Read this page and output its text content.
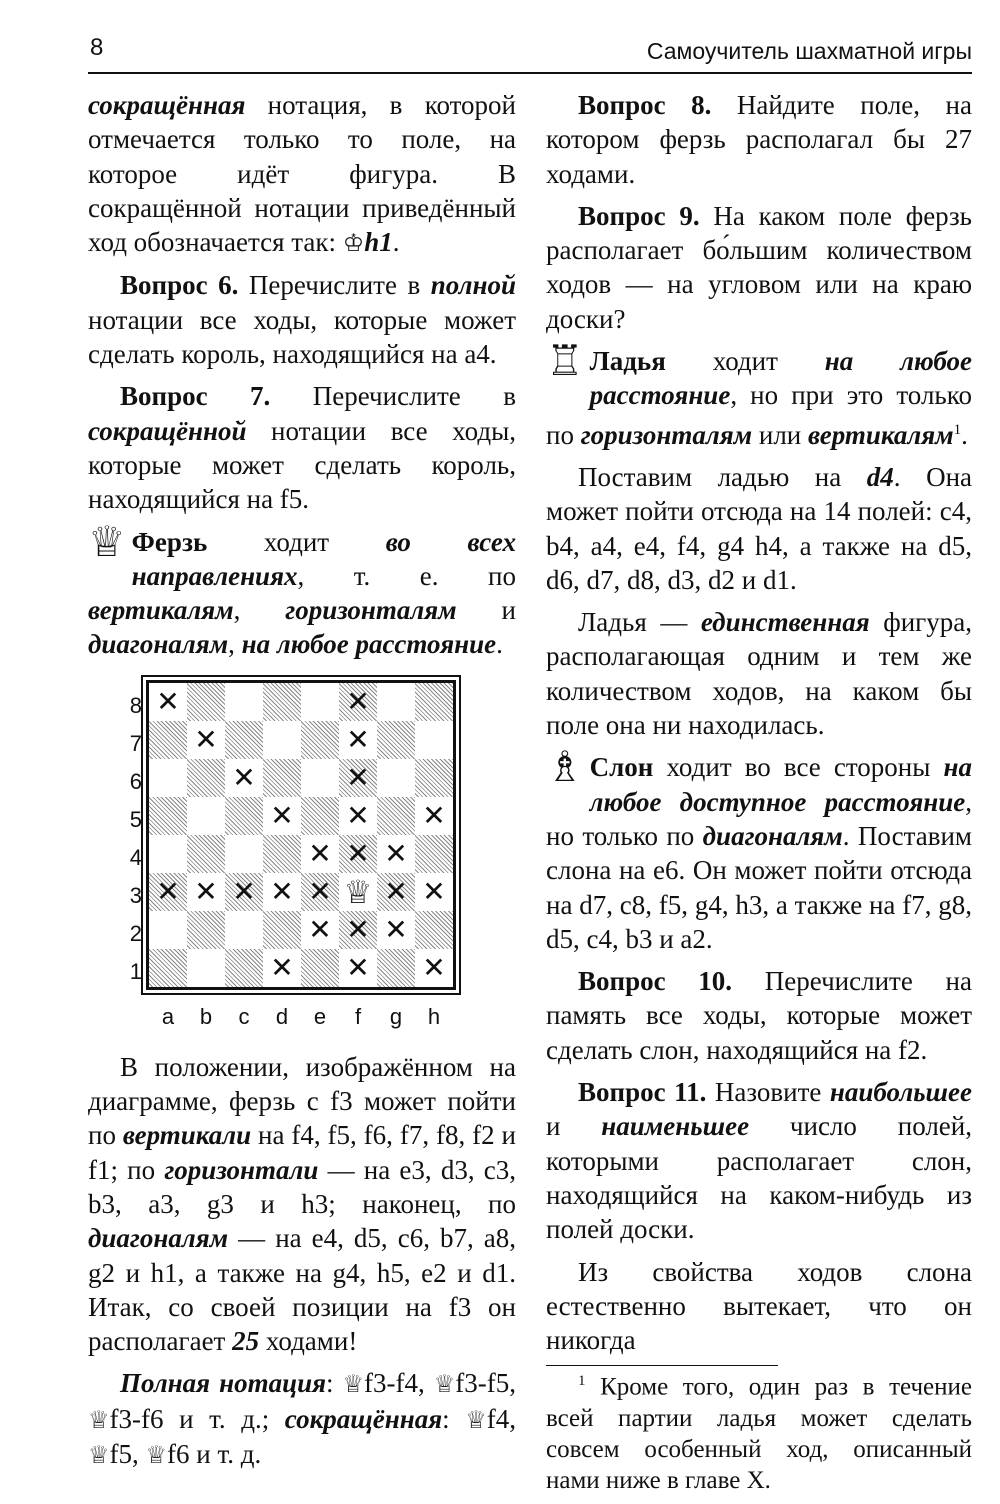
8	Самоучитель шахматной игры

сокращённая нотация, в которой отмечается только то поле, на которое идёт фигура. В сокращённой нотации приведённый ход обозначается так: ♔h1.

Вопрос 6. Перечислите в полной нотации все ходы, которые может сделать король, находящийся на a4.

Вопрос 7. Перечислите в сокращённой нотации все ходы, которые может сделать король, находящийся на f5.

♕ Ферзь ходит во всех направлениях, т. е. по вертикалям, горизонталям и диагоналям, на любое расстояние.

✕	✕
✕	✕
✕	✕
✕ ✕ ✕
✕ ✕ ✕
✕ ✕ ✕ ✕ ✕ ✕ ✕
✕ ✕ ✕
✕ ✕ ✕
♕
8
7
6
5
4
3
2
1
a	b	c	d	e	f	g	h

В положении, изображённом на диаграмме, ферзь с f3 может пойти по вертикали на f4, f5, f6, f7, f8, f2 и f1; по горизонтали — на e3, d3, c3, b3, a3, g3 и h3; наконец, по диагоналям — на e4, d5, c6, b7, a8, g2 и h1, а также на g4, h5, e2 и d1. Итак, со своей позиции на f3 он располагает 25 ходами!

Полная нотация: ♕f3-f4, ♕f3-f5, ♕f3-f6 и т. д.; сокращённая: ♕f4, ♕f5, ♕f6 и т. д.

Вопрос 8. Найдите поле, на котором ферзь располагал бы 27 ходами.

Вопрос 9. На каком поле ферзь располагает бо́льшим количеством ходов — на угловом или на краю доски?

♖ Ладья ходит на любое расстояние, но при это только по горизонталям или вертикалям$^1$.

Поставим ладью на d4. Она может пойти отсюда на 14 полей: c4, b4, a4, e4, f4, g4 h4, а также на d5, d6, d7, d8, d3, d2 и d1.

Ладья — единственная фигура, располагающая одним и тем же количеством ходов, на каком бы поле она ни находилась.

♗ Слон ходит во все стороны на любое доступное расстояние, но только по диагоналям. Поставим слона на e6. Он может пойти отсюда на d7, c8, f5, g4, h3, а также на f7, g8, d5, c4, b3 и a2.

Вопрос 10. Перечислите на память все ходы, которые может сделать слон, находящийся на f2.

Вопрос 11. Назовите наибольшее и наименьшее число полей, которыми располагает слон, находящийся на каком-нибудь из полей доски.

Из свойства ходов слона естественно вытекает, что он никогда

$^1$ Кроме того, один раз в течение всей партии ладья может сделать совсем особенный ход, описанный нами ниже в главе X.
